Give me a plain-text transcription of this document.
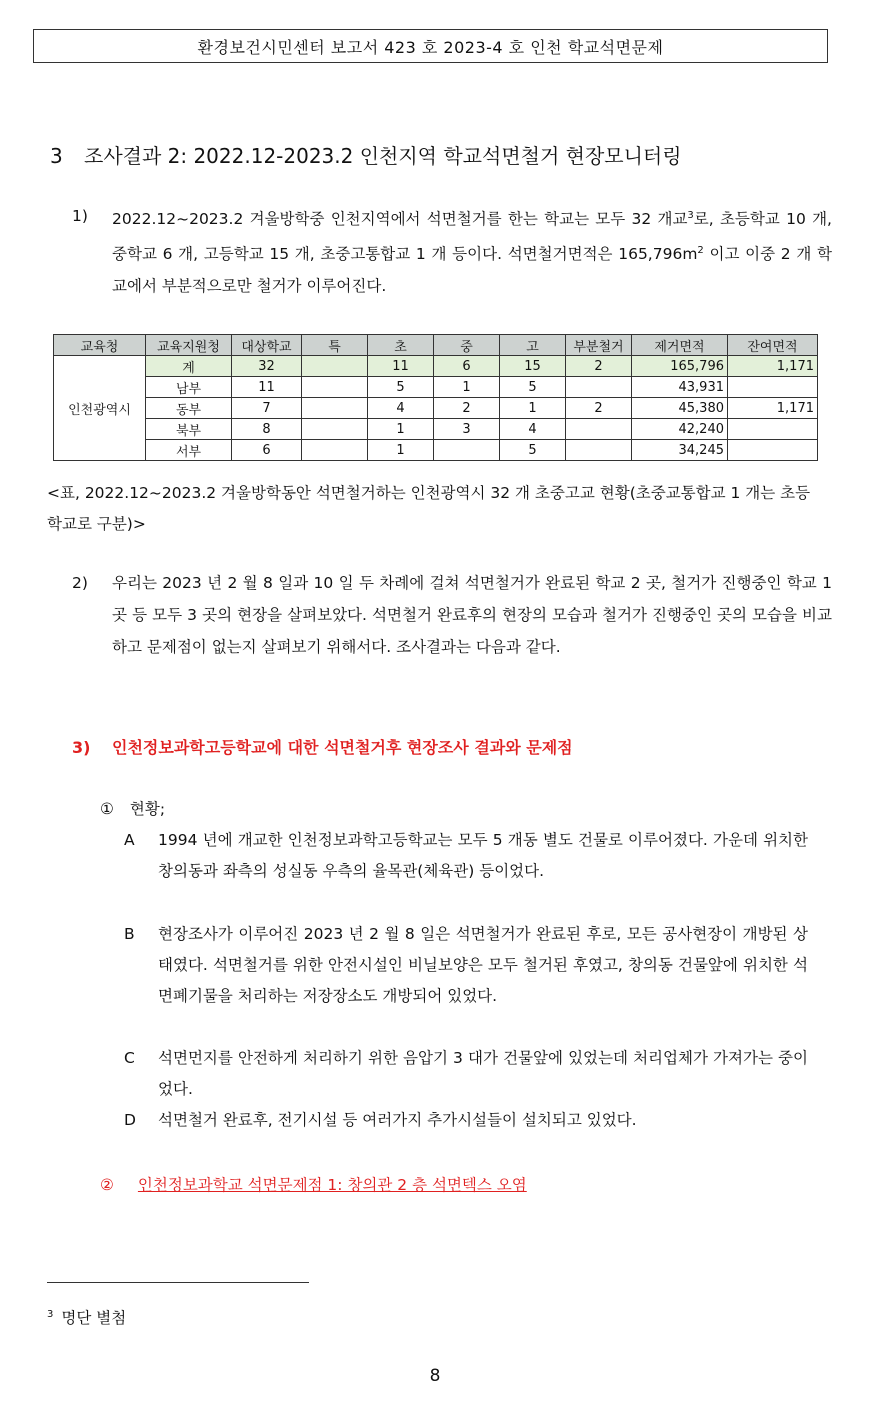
환경보건시민센터 보고서 423 호 2023-4 호 인천 학교석면문제
3 조사결과 2: 2022.12-2023.2 인천지역 학교석면철거 현장모니터링
1) 2022.12~2023.2 겨울방학중 인천지역에서 석면철거를 한는 학교는 모두 32 개교$^3$로, 초등학교 10 개, 중학교 6 개, 고등학교 15 개, 초중고통합교 1 개 등이다. 석면철거면적은 $165,796m^2$ 이고 이중 2 개 학교에서 부분적으로만 철거가 이루어진다.
교육청	교육지원청	대상학교	특	초	중	고	부분철거	제거면적	잔여면적
인천광역시	계	32		11	6	15	2	165,796	1,171
	남부	11		5	1	5		43,931	
	동부	7		4	2	1	2	45,380	1,171
	북부	8		1	3	4		42,240	
	서부	6		1		5		34,245	
<표, 2022.12~2023.2 겨울방학동안 석면철거하는 인천광역시 32 개 초중고교 현황(초중교통합교 1 개는 초등학교로 구분)>
2) 우리는 2023 년 2 월 8 일과 10 일 두 차례에 걸쳐 석면철거가 완료된 학교 2 곳, 철거가 진행중인 학교 1 곳 등 모두 3 곳의 현장을 살펴보았다. 석면철거 완료후의 현장의 모습과 철거가 진행중인 곳의 모습을 비교하고 문제점이 없는지 살펴보기 위해서다. 조사결과는 다음과 같다.
3) 인천정보과학고등학교에 대한 석면철거후 현장조사 결과와 문제점
① 현황;
A 1994 년에 개교한 인천정보과학고등학교는 모두 5 개동 별도 건물로 이루어졌다. 가운데 위치한 창의동과 좌측의 성실동 우측의 율목관(체육관) 등이었다.
B 현장조사가 이루어진 2023 년 2 월 8 일은 석면철거가 완료된 후로, 모든 공사현장이 개방된 상태였다. 석면철거를 위한 안전시설인 비닐보양은 모두 철거된 후였고, 창의동 건물앞에 위치한 석면폐기물을 처리하는 저장장소도 개방되어 있었다.
C 석면먼지를 안전하게 처리하기 위한 음압기 3 대가 건물앞에 있었는데 처리업체가 가져가는 중이었다.
D 석면철거 완료후, 전기시설 등 여러가지 추가시설들이 설치되고 있었다.
② 인천정보과학교 석면문제점 1: 창의관 2 층 석면텍스 오염
$^3$ 명단 별첨
8
